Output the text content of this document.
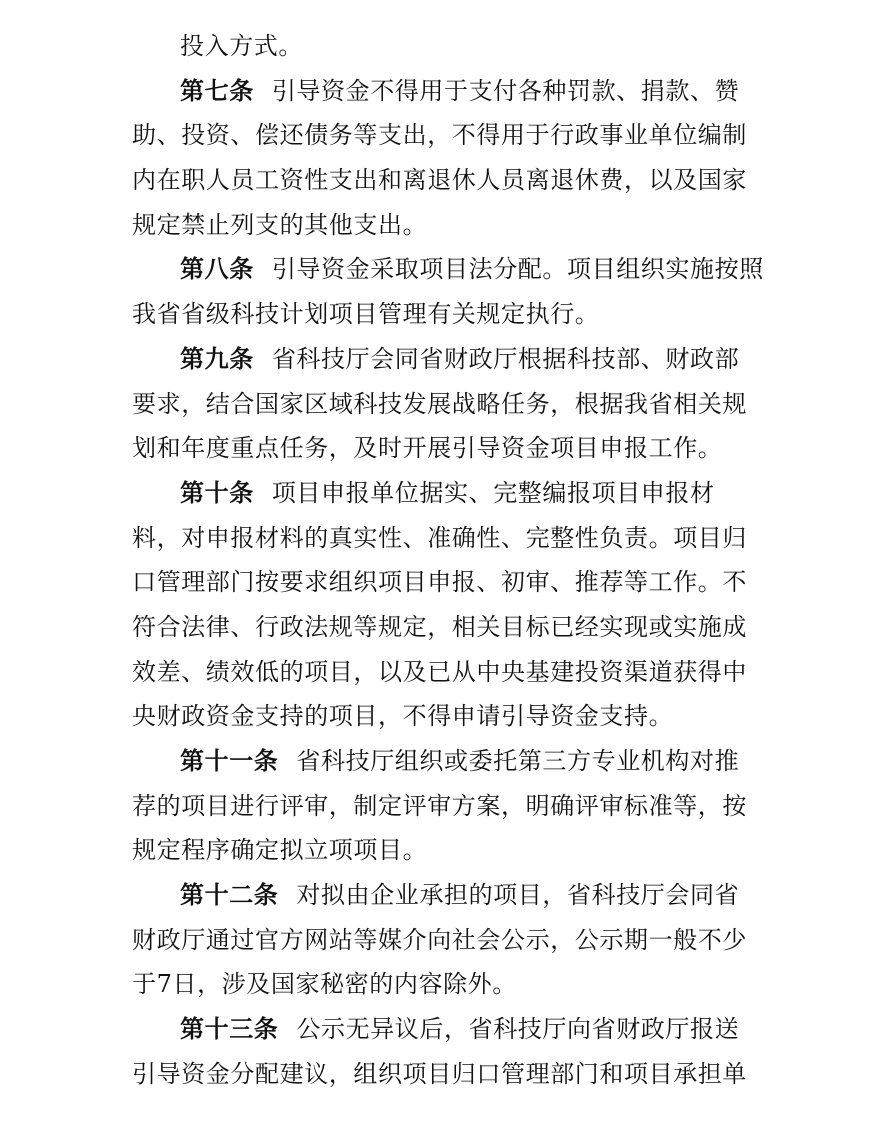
投入方式。
第七条 引导资金不得用于支付各种罚款、捐款、赞
助、投资、偿还债务等支出，不得用于行政事业单位编制
内在职人员工资性支出和离退休人员离退休费，以及国家
规定禁止列支的其他支出。
第八条 引导资金采取项目法分配。项目组织实施按照
我省省级科技计划项目管理有关规定执行。
第九条 省科技厅会同省财政厅根据科技部、财政部
要求，结合国家区域科技发展战略任务，根据我省相关规
划和年度重点任务，及时开展引导资金项目申报工作。
第十条 项目申报单位据实、完整编报项目申报材
料，对申报材料的真实性、准确性、完整性负责。项目归
口管理部门按要求组织项目申报、初审、推荐等工作。不
符合法律、行政法规等规定，相关目标已经实现或实施成
效差、绩效低的项目，以及已从中央基建投资渠道获得中
央财政资金支持的项目，不得申请引导资金支持。
第十一条 省科技厅组织或委托第三方专业机构对推
荐的项目进行评审，制定评审方案，明确评审标准等，按
规定程序确定拟立项项目。
第十二条 对拟由企业承担的项目，省科技厅会同省
财政厅通过官方网站等媒介向社会公示，公示期一般不少
于7日，涉及国家秘密的内容除外。
第十三条 公示无异议后，省科技厅向省财政厅报送
引导资金分配建议，组织项目归口管理部门和项目承担单
